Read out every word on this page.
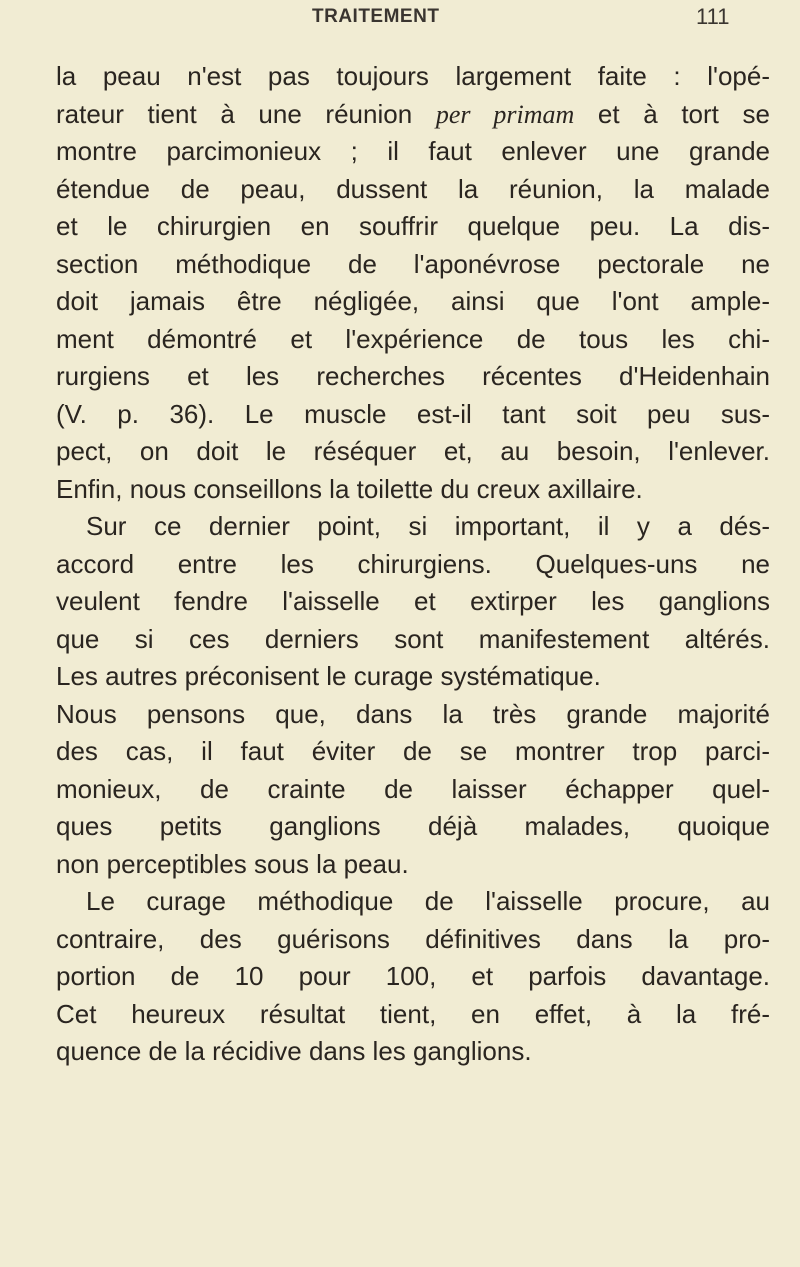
TRAITEMENT	111
la peau n'est pas toujours largement faite : l'opé-
rateur tient à une réunion per primam et à tort se
montre parcimonieux ; il faut enlever une grande
étendue de peau, dussent la réunion, la malade
et le chirurgien en souffrir quelque peu. La dis-
section méthodique de l'aponévrose pectorale ne
doit jamais être négligée, ainsi que l'ont ample-
ment démontré et l'expérience de tous les chi-
rurgiens et les recherches récentes d'Heidenhain
(V. p. 36). Le muscle est-il tant soit peu sus-
pect, on doit le réséquer et, au besoin, l'enlever.
Enfin, nous conseillons la toilette du creux axillaire.
Sur ce dernier point, si important, il y a dés-
accord entre les chirurgiens. Quelques-uns ne
veulent fendre l'aisselle et extirper les ganglions
que si ces derniers sont manifestement altérés.
Les autres préconisent le curage systématique.
Nous pensons que, dans la très grande majorité
des cas, il faut éviter de se montrer trop parci-
monieux, de crainte de laisser échapper quel-
ques petits ganglions déjà malades, quoique
non perceptibles sous la peau.
Le curage méthodique de l'aisselle procure, au
contraire, des guérisons définitives dans la pro-
portion de 10 pour 100, et parfois davantage.
Cet heureux résultat tient, en effet, à la fré-
quence de la récidive dans les ganglions.
